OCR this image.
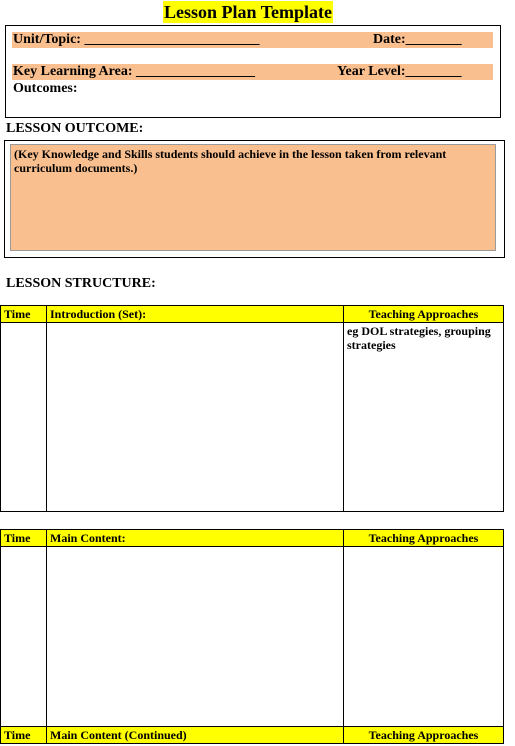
Lesson Plan Template
Unit/Topic: _________________________	Date:________
Key Learning Area: _________________	Year Level:________
Outcomes:
LESSON OUTCOME:
(Key Knowledge and Skills students should achieve in the lesson taken from relevant curriculum documents.)
LESSON STRUCTURE:
Time	Introduction (Set):	Teaching Approaches
		eg DOL strategies, grouping strategies
Time	Main Content:	Teaching Approaches

Time	Main Content (Continued)	Teaching Approaches
